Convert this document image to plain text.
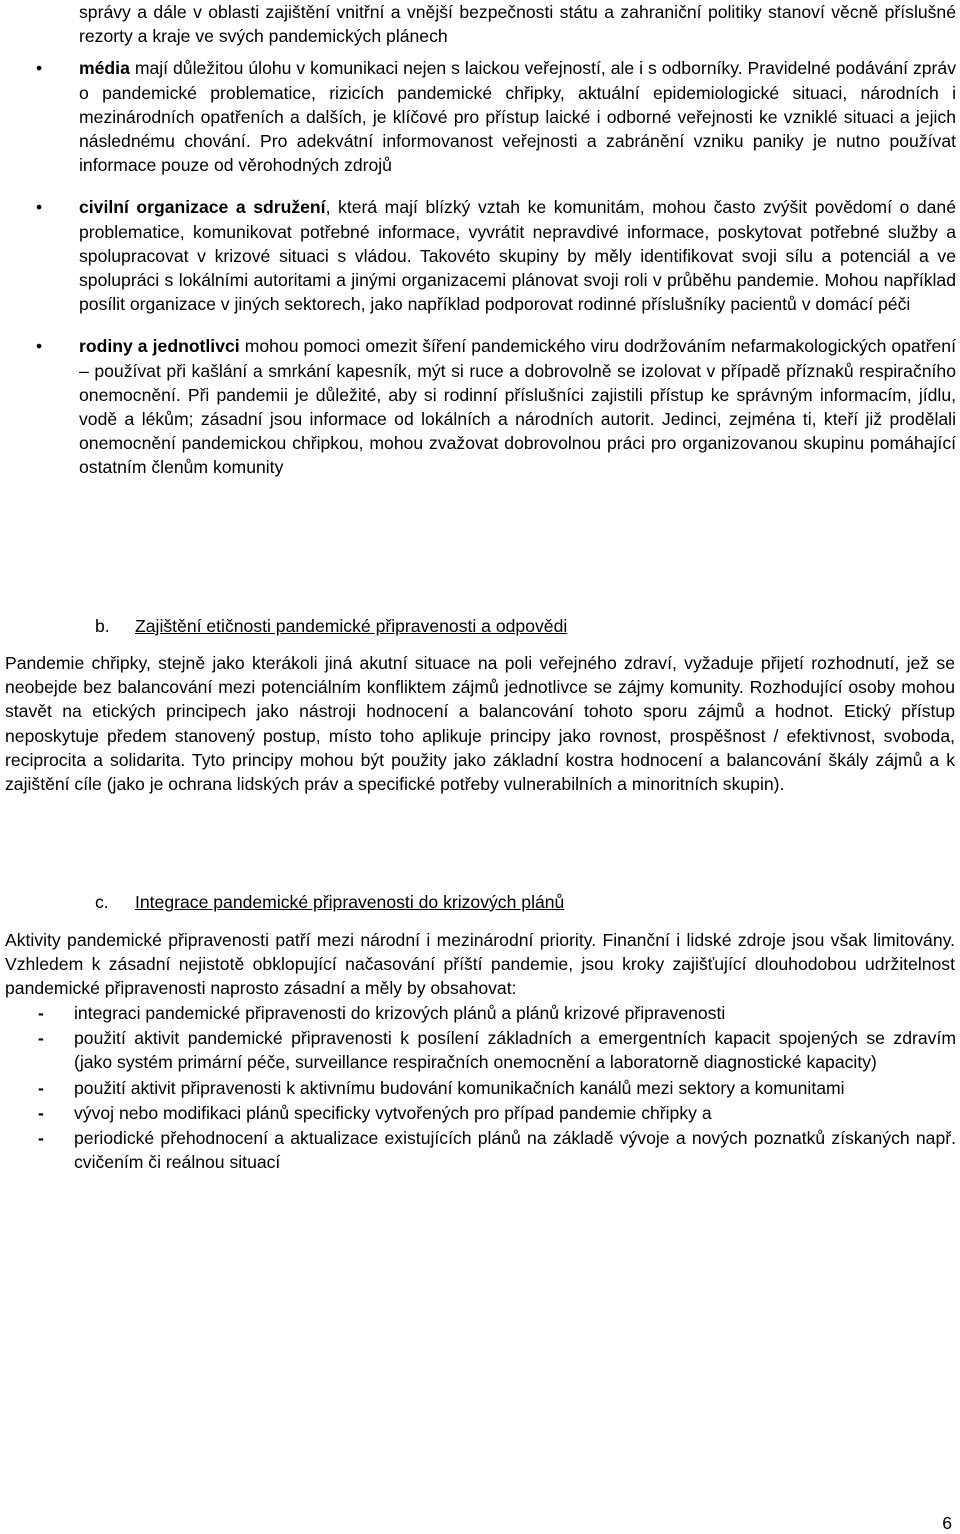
správy a dále v oblasti zajištění vnitřní a vnější bezpečnosti státu a zahraniční politiky stanoví věcně příslušné rezorty a kraje ve svých pandemických plánech

• média mají důležitou úlohu v komunikaci nejen s laickou veřejností, ale i s odborníky. Pravidelné podávání zpráv o pandemické problematice, rizicích pandemické chřipky, aktuální epidemiologické situaci, národních i mezinárodních opatřeních a dalších, je klíčové pro přístup laické i odborné veřejnosti ke vzniklé situaci a jejich následnému chování. Pro adekvátní informovanost veřejnosti a zabránění vzniku paniky je nutno používat informace pouze od věrohodných zdrojů

• civilní organizace a sdružení, která mají blízký vztah ke komunitám, mohou často zvýšit povědomí o dané problematice, komunikovat potřebné informace, vyvrátit nepravdivé informace, poskytovat potřebné služby a spolupracovat v krizové situaci s vládou. Takovéto skupiny by měly identifikovat svoji sílu a potenciál a ve spolupráci s lokálními autoritami a jinými organizacemi plánovat svoji roli v průběhu pandemie. Mohou například posílit organizace v jiných sektorech, jako například podporovat rodinné příslušníky pacientů v domácí péči

• rodiny a jednotlivci mohou pomoci omezit šíření pandemického viru dodržováním nefarmakologických opatření – používat při kašlání a smrkání kapesník, mýt si ruce a dobrovolně se izolovat v případě příznaků respiračního onemocnění. Při pandemii je důležité, aby si rodinní příslušníci zajistili přístup ke správným informacím, jídlu, vodě a lékům; zásadní jsou informace od lokálních a národních autorit. Jedinci, zejména ti, kteří již prodělali onemocnění pandemickou chřipkou, mohou zvažovat dobrovolnou práci pro organizovanou skupinu pomáhající ostatním členům komunity

b. Zajištění etičnosti pandemické připravenosti a odpovědi

Pandemie chřipky, stejně jako kterákoli jiná akutní situace na poli veřejného zdraví, vyžaduje přijetí rozhodnutí, jež se neobejde bez balancování mezi potenciálním konfliktem zájmů jednotlivce se zájmy komunity. Rozhodující osoby mohou stavět na etických principech jako nástroji hodnocení a balancování tohoto sporu zájmů a hodnot. Etický přístup neposkytuje předem stanovený postup, místo toho aplikuje principy jako rovnost, prospěšnost / efektivnost, svoboda, reciprocita a solidarita. Tyto principy mohou být použity jako základní kostra hodnocení a balancování škály zájmů a k zajištění cíle (jako je ochrana lidských práv a specifické potřeby vulnerabilních a minoritních skupin).

c. Integrace pandemické připravenosti do krizových plánů

Aktivity pandemické připravenosti patří mezi národní i mezinárodní priority. Finanční i lidské zdroje jsou však limitovány. Vzhledem k zásadní nejistotě obklopující načasování příští pandemie, jsou kroky zajišťující dlouhodobou udržitelnost pandemické připravenosti naprosto zásadní a měly by obsahovat:

- integraci pandemické připravenosti do krizových plánů a plánů krizové připravenosti

- použití aktivit pandemické připravenosti k posílení základních a emergentních kapacit spojených se zdravím (jako systém primární péče, surveillance respiračních onemocnění a laboratorně diagnostické kapacity)

- použití aktivit připravenosti k aktivnímu budování komunikačních kanálů mezi sektory a komunitami

- vývoj nebo modifikaci plánů specificky vytvořených pro případ pandemie chřipky a

- periodické přehodnocení a aktualizace existujících plánů na základě vývoje a nových poznatků získaných např. cvičením či reálnou situací

6
